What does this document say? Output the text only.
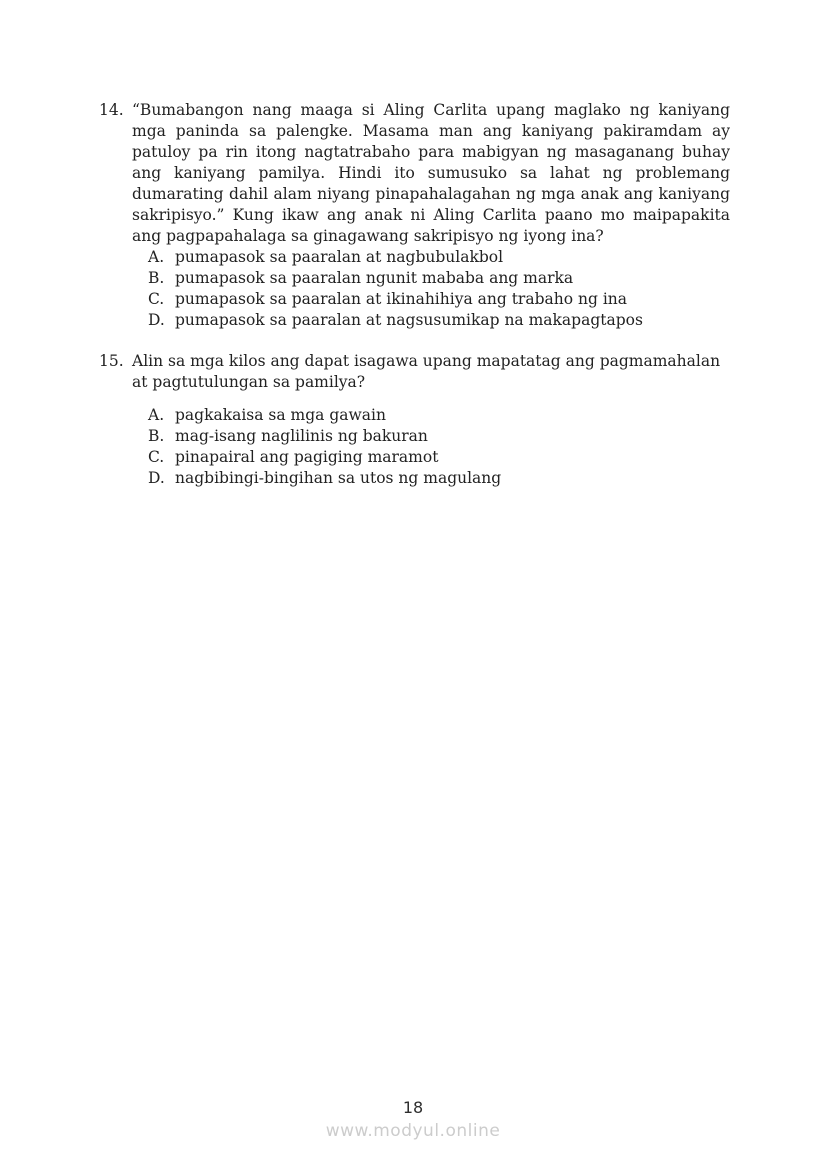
14. “Bumabangon nang maaga si Aling Carlita upang maglako ng kaniyang mga paninda sa palengke. Masama man ang kaniyang pakiramdam ay patuloy pa rin itong nagtatrabaho para mabigyan ng masaganang buhay ang kaniyang pamilya. Hindi ito sumusuko sa lahat ng problemang dumarating dahil alam niyang pinapahalagahan ng mga anak ang kaniyang sakripisyo.” Kung ikaw ang anak ni Aling Carlita paano mo maipapakita ang pagpapahalaga sa ginagawang sakripisyo ng iyong ina?

A. pumapasok sa paaralan at nagbubulakbol
B. pumapasok sa paaralan ngunit mababa ang marka
C. pumapasok sa paaralan at ikinahihiya ang trabaho ng ina
D. pumapasok sa paaralan at nagsusumikap na makapagtapos
15. Alin sa mga kilos ang dapat isagawa upang mapatatag ang pagmamahalan at pagtutulungan sa pamilya?

A. pagkakaisa sa mga gawain
B. mag-isang naglilinis ng bakuran
C. pinapairal ang pagiging maramot
D. nagbibingi-bingihan sa utos ng magulang
18
www.modyul.online
